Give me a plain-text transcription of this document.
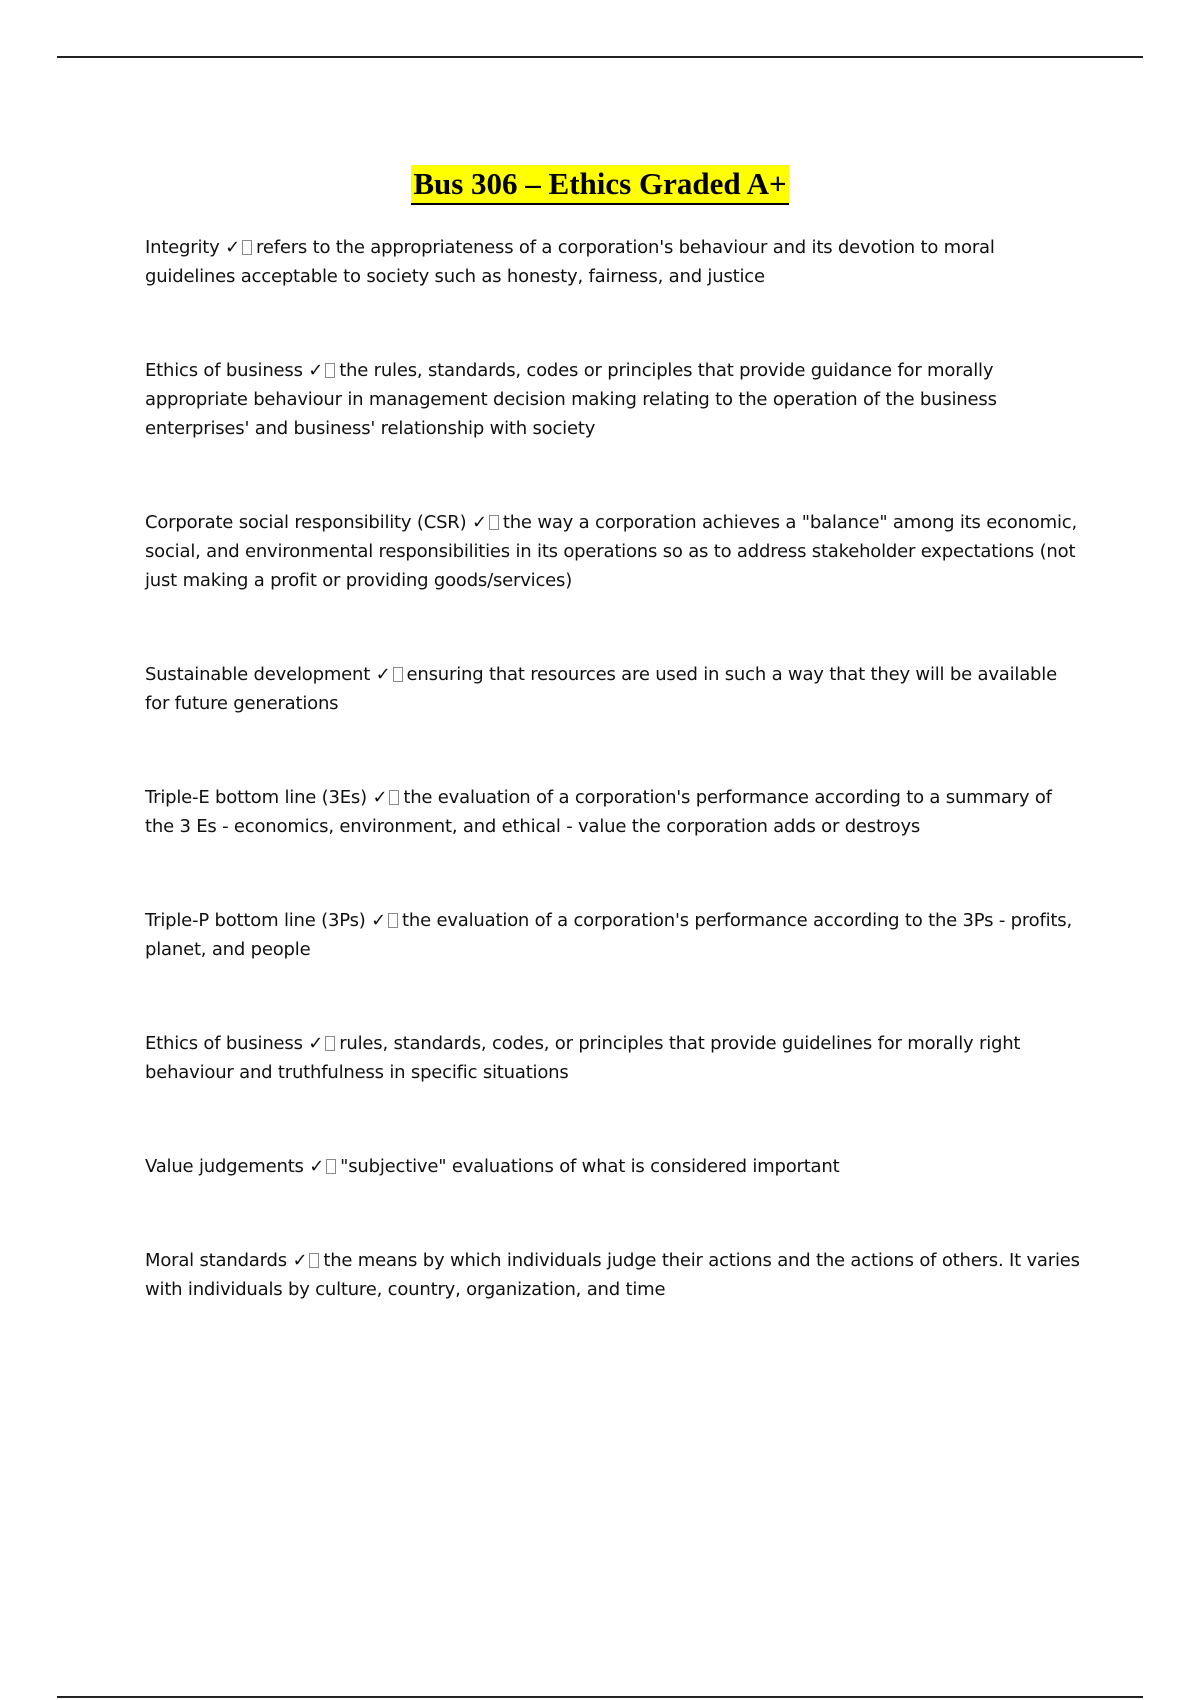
Bus 306 – Ethics Graded A+

Integrity ✓ refers to the appropriateness of a corporation's behaviour and its devotion to moral guidelines acceptable to society such as honesty, fairness, and justice

Ethics of business ✓ the rules, standards, codes or principles that provide guidance for morally appropriate behaviour in management decision making relating to the operation of the business enterprises' and business' relationship with society

Corporate social responsibility (CSR) ✓ the way a corporation achieves a "balance" among its economic, social, and environmental responsibilities in its operations so as to address stakeholder expectations (not just making a profit or providing goods/services)

Sustainable development ✓ ensuring that resources are used in such a way that they will be available for future generations

Triple-E bottom line (3Es) ✓ the evaluation of a corporation's performance according to a summary of the 3 Es - economics, environment, and ethical - value the corporation adds or destroys

Triple-P bottom line (3Ps) ✓ the evaluation of a corporation's performance according to the 3Ps - profits, planet, and people

Ethics of business ✓ rules, standards, codes, or principles that provide guidelines for morally right behaviour and truthfulness in specific situations

Value judgements ✓ "subjective" evaluations of what is considered important

Moral standards ✓ the means by which individuals judge their actions and the actions of others. It varies with individuals by culture, country, organization, and time
